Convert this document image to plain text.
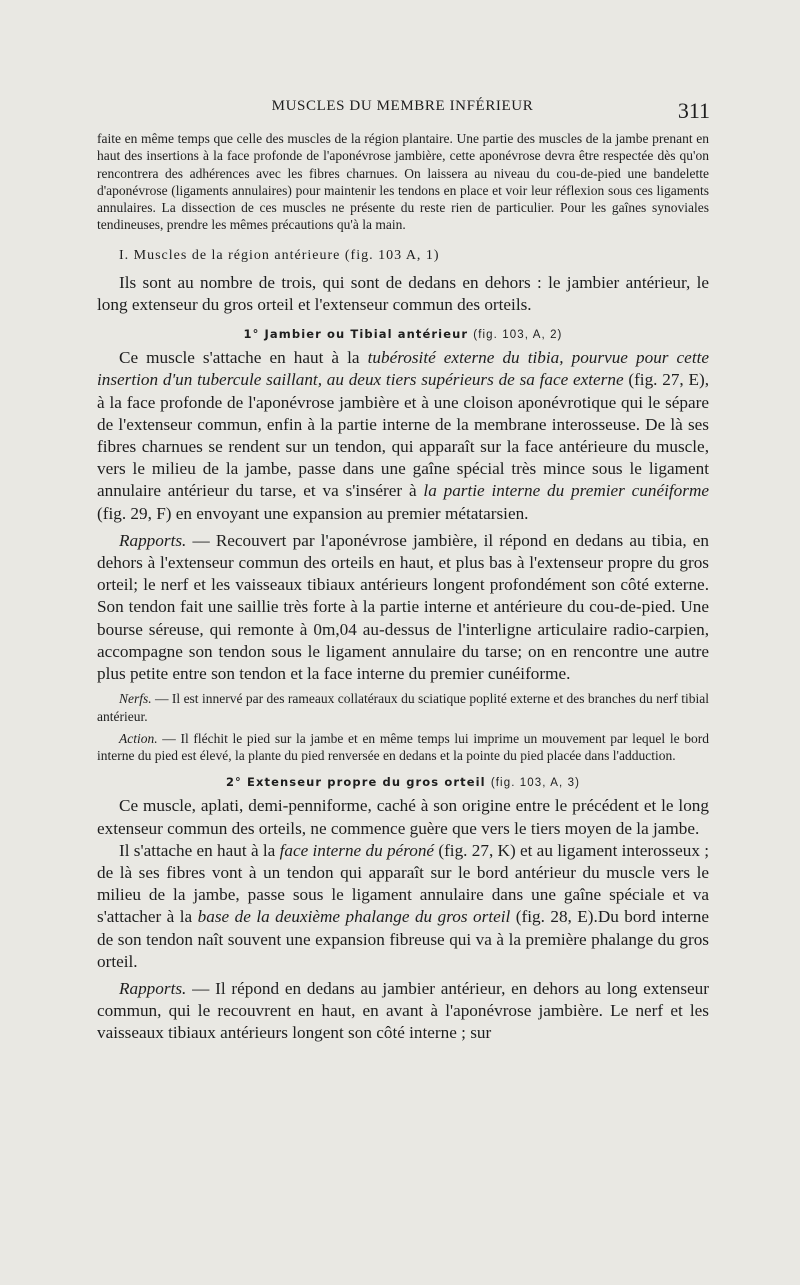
MUSCLES DU MEMBRE INFÉRIEUR	311

faite en même temps que celle des muscles de la région plantaire. Une partie des muscles de la jambe prenant en haut des insertions à la face profonde de l'aponévrose jambière, cette aponévrose devra être respectée dès qu'on rencontrera des adhérences avec les fibres charnues. On laissera au niveau du cou-de-pied une bandelette d'aponévrose (ligaments annulaires) pour maintenir les tendons en place et voir leur réflexion sous ces ligaments annulaires. La dissection de ces muscles ne présente du reste rien de particulier. Pour les gaînes synoviales tendineuses, prendre les mêmes précautions qu'à la main.

I. Muscles de la région antérieure (fig. 103 A, 1)

Ils sont au nombre de trois, qui sont de dedans en dehors : le jambier antérieur, le long extenseur du gros orteil et l'extenseur commun des orteils.

1° Jambier ou Tibial antérieur (fig. 103, A, 2)

Ce muscle s'attache en haut à la tubérosité externe du tibia, pourvue pour cette insertion d'un tubercule saillant, au deux tiers supérieurs de sa face externe (fig. 27, E), à la face profonde de l'aponévrose jambière et à une cloison aponévrotique qui le sépare de l'extenseur commun, enfin à la partie interne de la membrane interosseuse. De là ses fibres charnues se rendent sur un tendon, qui apparaît sur la face antérieure du muscle, vers le milieu de la jambe, passe dans une gaîne spécial très mince sous le ligament annulaire antérieur du tarse, et va s'insérer à la partie interne du premier cunéiforme (fig. 29, F) en envoyant une expansion au premier métatarsien.

Rapports. — Recouvert par l'aponévrose jambière, il répond en dedans au tibia, en dehors à l'extenseur commun des orteils en haut, et plus bas à l'extenseur propre du gros orteil; le nerf et les vaisseaux tibiaux antérieurs longent profondément son côté externe. Son tendon fait une saillie très forte à la partie interne et antérieure du cou-de-pied. Une bourse séreuse, qui remonte à 0m,04 au-dessus de l'interligne articulaire radio-carpien, accompagne son tendon sous le ligament annulaire du tarse; on en rencontre une autre plus petite entre son tendon et la face interne du premier cunéiforme.

Nerfs. — Il est innervé par des rameaux collatéraux du sciatique poplité externe et des branches du nerf tibial antérieur.

Action. — Il fléchit le pied sur la jambe et en même temps lui imprime un mouvement par lequel le bord interne du pied est élevé, la plante du pied renversée en dedans et la pointe du pied placée dans l'adduction.

2° Extenseur propre du gros orteil (fig. 103, A, 3)

Ce muscle, aplati, demi-penniforme, caché à son origine entre le précédent et le long extenseur commun des orteils, ne commence guère que vers le tiers moyen de la jambe.

Il s'attache en haut à la face interne du péroné (fig. 27, K) et au ligament interosseux ; de là ses fibres vont à un tendon qui apparaît sur le bord antérieur du muscle vers le milieu de la jambe, passe sous le ligament annulaire dans une gaîne spéciale et va s'attacher à la base de la deuxième phalange du gros orteil (fig. 28, E).Du bord interne de son tendon naît souvent une expansion fibreuse qui va à la première phalange du gros orteil.

Rapports. — Il répond en dedans au jambier antérieur, en dehors au long extenseur commun, qui le recouvrent en haut, en avant à l'aponévrose jambière. Le nerf et les vaisseaux tibiaux antérieurs longent son côté interne ; sur
